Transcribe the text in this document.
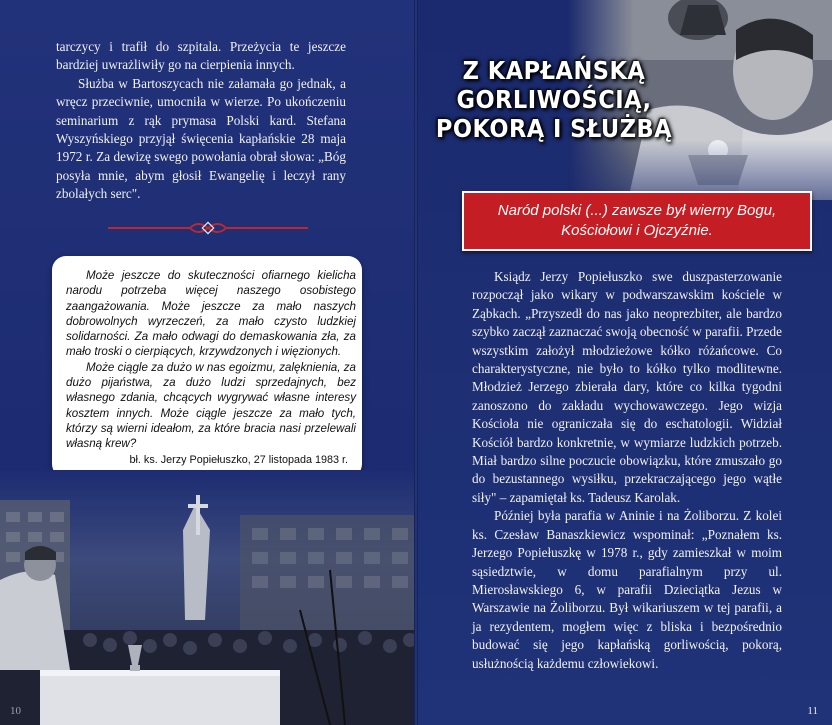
tarczycy i trafił do szpitala. Przeżycia te jeszcze bardziej uwrażliwiły go na cierpienia innych.

Służba w Bartoszycach nie załamała go jednak, a wręcz przeciwnie, umocniła w wierze. Po ukończeniu seminarium z rąk prymasa Polski kard. Stefana Wyszyńskiego przyjął święcenia kapłańskie 28 maja 1972 r. Za dewizę swego powołania obrał słowa: „Bóg posyła mnie, abym głosił Ewangelię i leczył rany zbolałych serc".

Może jeszcze do skuteczności ofiarnego kielicha narodu potrzeba więcej naszego osobistego zaangażowania. Może jeszcze za mało naszych dobrowolnych wyrzeczeń, za mało czysto ludzkiej solidarności. Za mało odwagi do demaskowania zła, za mało troski o cierpiących, krzywdzonych i więzionych.

Może ciągle za dużo w nas egoizmu, zalęknienia, za dużo pijaństwa, za dużo ludzi sprzedajnych, bez własnego zdania, chcących wygrywać własne interesy kosztem innych. Może ciągle jeszcze za mało tych, którzy są wierni ideałom, za które bracia nasi przelewali własną krew?

bł. ks. Jerzy Popiełuszko, 27 listopada 1983 r.
10	11
Z KAPŁAŃSKĄ
GORLIWOŚCIĄ,
POKORĄ I SŁUŻBĄ
Naród polski (...) zawsze był wierny Bogu, Kościołowi i Ojczyźnie.

Ksiądz Jerzy Popiełuszko swe duszpasterzowanie rozpoczął jako wikary w podwarszawskim kościele w Ząbkach. „Przyszedł do nas jako neoprezbiter, ale bardzo szybko zaczął zaznaczać swoją obecność w parafii. Przede wszystkim założył młodzieżowe kółko różańcowe. Co charakterystyczne, nie było to kółko tylko modlitewne. Młodzież Jerzego zbierała dary, które co kilka tygodni zanoszono do zakładu wychowawczego. Jego wizja Kościoła nie ograniczała się do eschatologii. Widział Kościół bardzo konkretnie, w wymiarze ludzkich potrzeb. Miał bardzo silne poczucie obowiązku, które zmuszało go do bezustannego wysiłku, przekraczającego jego wątłe siły" – zapamiętał ks. Tadeusz Karolak.

Później była parafia w Aninie i na Żoliborzu. Z kolei ks. Czesław Banaszkiewicz wspominał: „Poznałem ks. Jerzego Popiełuszkę w 1978 r., gdy zamieszkał w moim sąsiedztwie, w domu parafialnym przy ul. Mierosławskiego 6, w parafii Dzieciątka Jezus w Warszawie na Żoliborzu. Był wikariuszem w tej parafii, a ja rezydentem, mogłem więc z bliska i bezpośrednio budować się jego kapłańską gorliwością, pokorą, usłużnością każdemu człowiekowi.
